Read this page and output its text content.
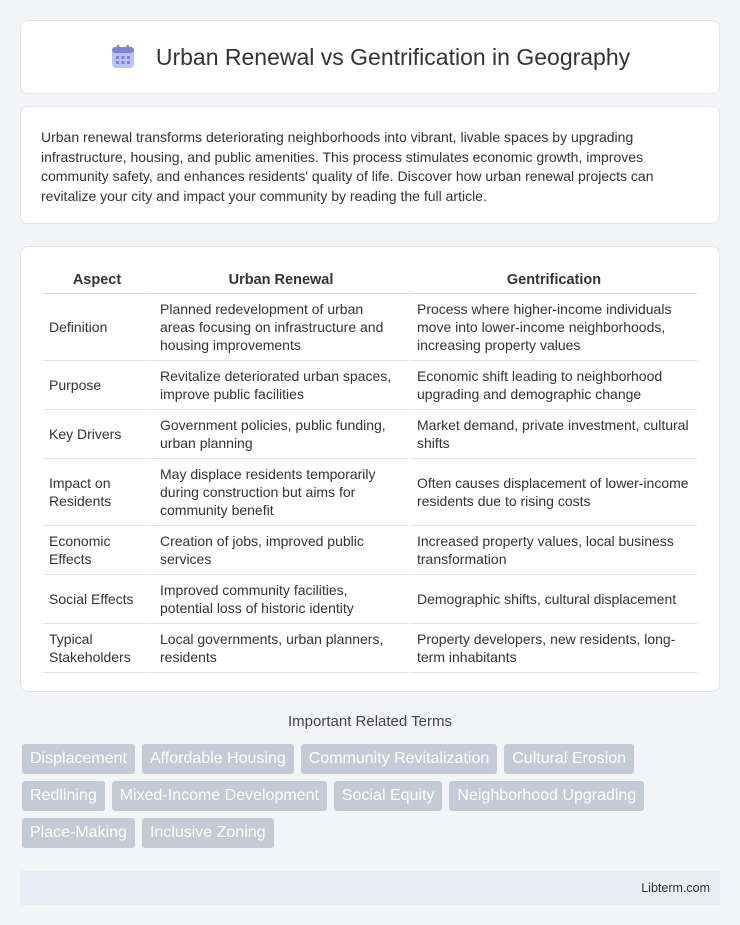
Urban Renewal vs Gentrification in Geography

Urban renewal transforms deteriorating neighborhoods into vibrant, livable spaces by upgrading infrastructure, housing, and public amenities. This process stimulates economic growth, improves community safety, and enhances residents' quality of life. Discover how urban renewal projects can revitalize your city and impact your community by reading the full article.

Aspect	Urban Renewal	Gentrification
Definition	Planned redevelopment of urban areas focusing on infrastructure and housing improvements	Process where higher-income individuals move into lower-income neighborhoods, increasing property values
Purpose	Revitalize deteriorated urban spaces, improve public facilities	Economic shift leading to neighborhood upgrading and demographic change
Key Drivers	Government policies, public funding, urban planning	Market demand, private investment, cultural shifts
Impact on Residents	May displace residents temporarily during construction but aims for community benefit	Often causes displacement of lower-income residents due to rising costs
Economic Effects	Creation of jobs, improved public services	Increased property values, local business transformation
Social Effects	Improved community facilities, potential loss of historic identity	Demographic shifts, cultural displacement
Typical Stakeholders	Local governments, urban planners, residents	Property developers, new residents, long-term inhabitants
Important Related Terms
Displacement	Affordable Housing	Community Revitalization	Cultural Erosion
Redlining	Mixed-Income Development	Social Equity	Neighborhood Upgrading
Place-Making	Inclusive Zoning
Libterm.com
